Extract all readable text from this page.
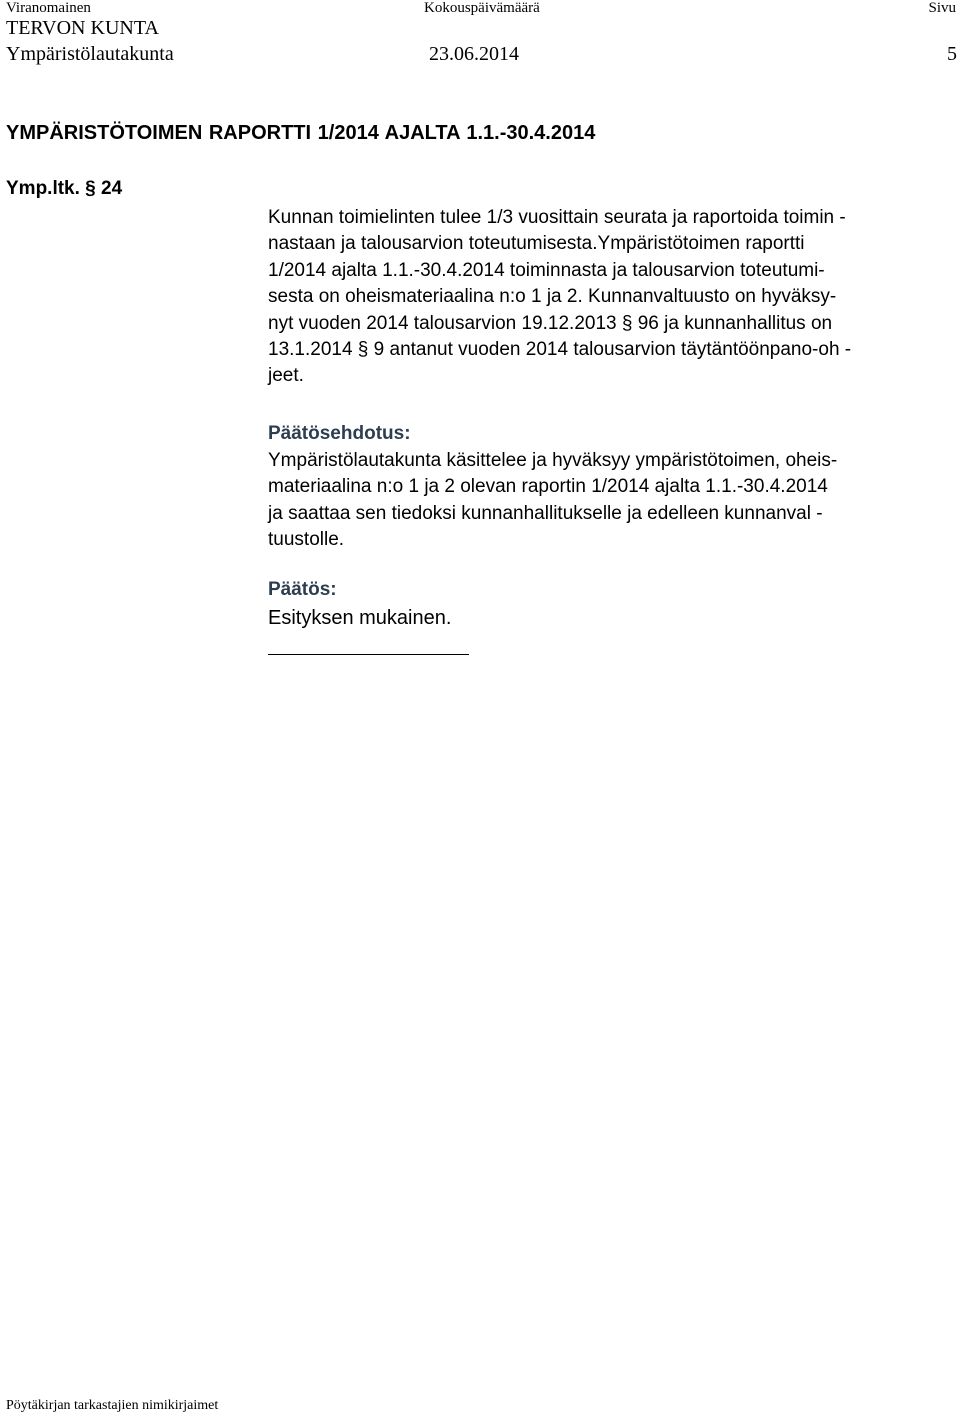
Viranomainen	Kokouspäivämäärä	Sivu
TERVON KUNTA
Ympäristölautakunta	23.06.2014	5
YMPÄRISTÖTOIMEN RAPORTTI 1/2014 AJALTA 1.1.-30.4.2014
Ymp.ltk. § 24
Kunnan toimielinten tulee 1/3 vuosittain seurata ja raportoida toimin -
nastaan ja talousarvion toteutumisesta.Ympäristötoimen raportti
1/2014 ajalta 1.1.-30.4.2014 toiminnasta ja talousarvion toteutumi-
sesta on oheismateriaalina n:o 1 ja 2. Kunnanvaltuusto on hyväksy-
nyt vuoden 2014 talousarvion 19.12.2013 § 96 ja kunnanhallitus on
13.1.2014 § 9 antanut vuoden 2014 talousarvion täytäntöönpano-oh -
jeet.
Päätösehdotus:
Ympäristölautakunta käsittelee ja hyväksyy ympäristötoimen, oheis-
materiaalina n:o 1 ja 2 olevan raportin 1/2014 ajalta 1.1.-30.4.2014
ja saattaa sen tiedoksi kunnanhallitukselle ja edelleen kunnanval -
tuustolle.
Päätös:
Esityksen mukainen.
Pöytäkirjan tarkastajien nimikirjaimet
